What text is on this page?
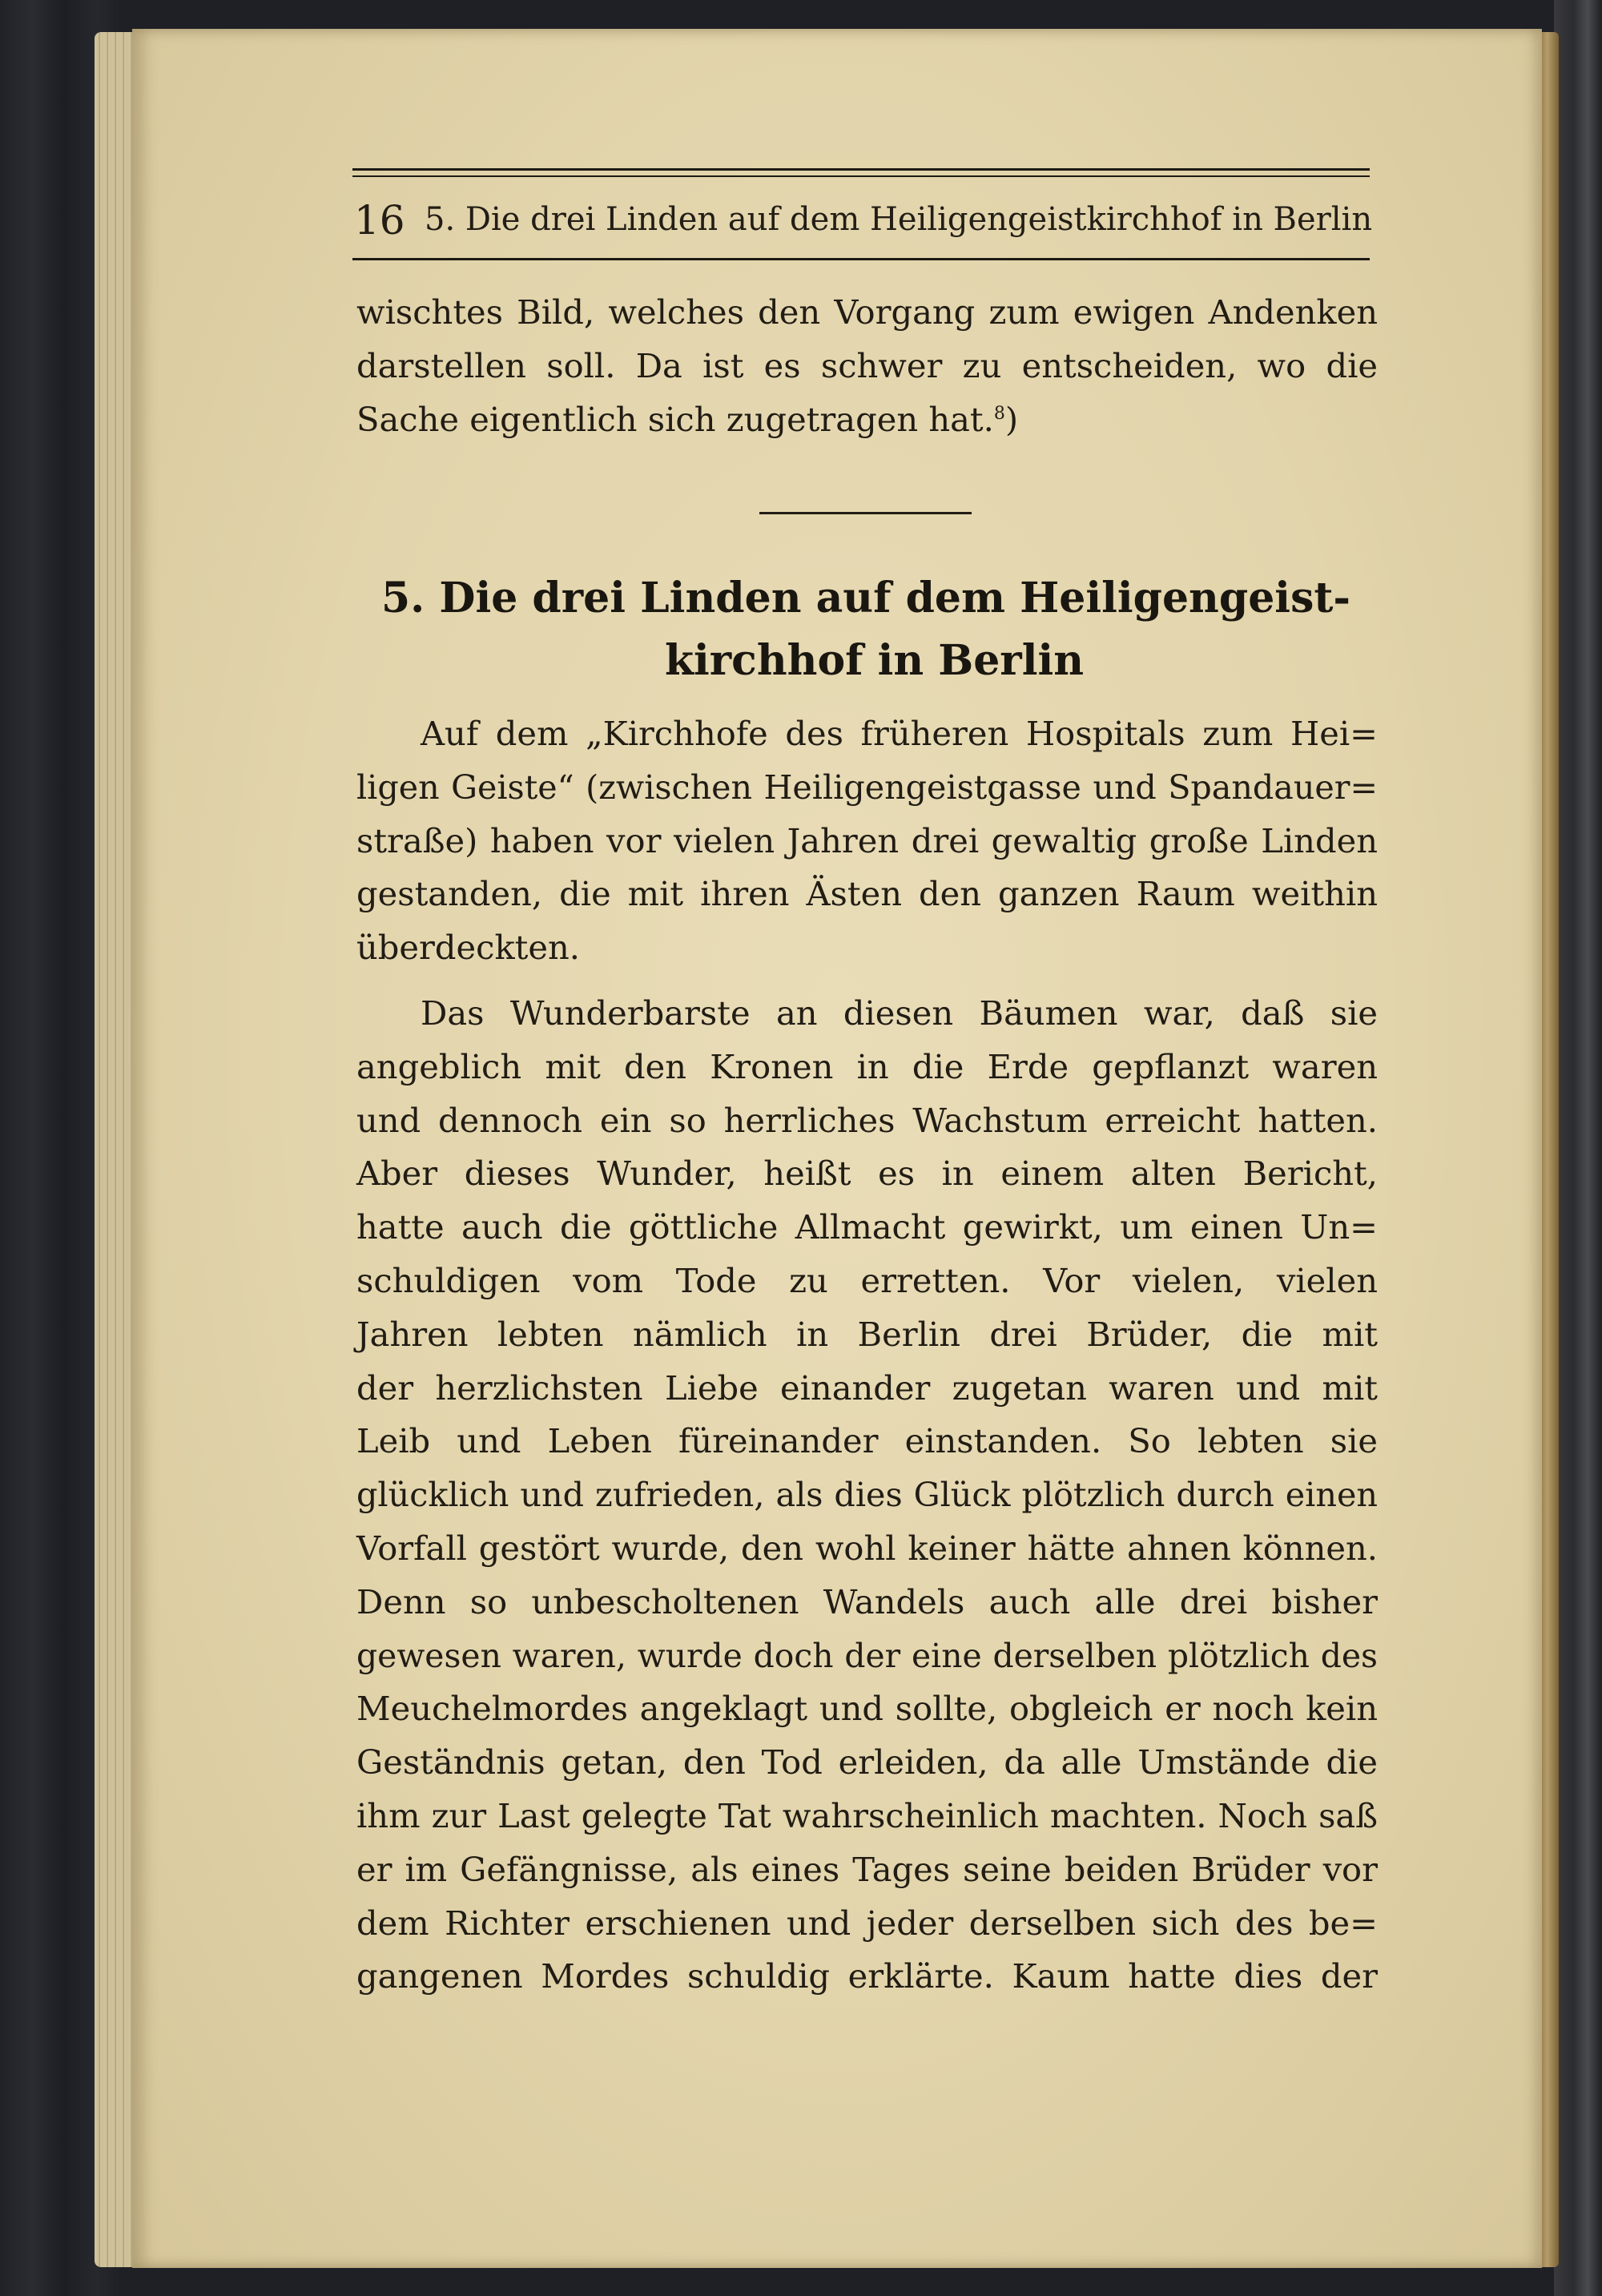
16 5. Die drei Linden auf dem Heiligengeistkirchhof in Berlin
wischtes Bild, welches den Vorgang zum ewigen Andenken
darstellen soll. Da ist es schwer zu entscheiden, wo die
Sache eigentlich sich zugetragen hat.$^8$)
5. Die drei Linden auf dem Heiligengeist-
kirchhof in Berlin
Auf dem „Kirchhofe des früheren Hospitals zum Hei=
ligen Geiste“ (zwischen Heiligengeistgasse und Spandauer=
straße) haben vor vielen Jahren drei gewaltig große Linden
gestanden, die mit ihren Ästen den ganzen Raum weithin
überdeckten.
Das Wunderbarste an diesen Bäumen war, daß sie
angeblich mit den Kronen in die Erde gepflanzt waren
und dennoch ein so herrliches Wachstum erreicht hatten.
Aber dieses Wunder, heißt es in einem alten Bericht,
hatte auch die göttliche Allmacht gewirkt, um einen Un=
schuldigen vom Tode zu erretten. Vor vielen, vielen
Jahren lebten nämlich in Berlin drei Brüder, die mit
der herzlichsten Liebe einander zugetan waren und mit
Leib und Leben füreinander einstanden. So lebten sie
glücklich und zufrieden, als dies Glück plötzlich durch einen
Vorfall gestört wurde, den wohl keiner hätte ahnen können.
Denn so unbescholtenen Wandels auch alle drei bisher
gewesen waren, wurde doch der eine derselben plötzlich des
Meuchelmordes angeklagt und sollte, obgleich er noch kein
Geständnis getan, den Tod erleiden, da alle Umstände die
ihm zur Last gelegte Tat wahrscheinlich machten. Noch saß
er im Gefängnisse, als eines Tages seine beiden Brüder vor
dem Richter erschienen und jeder derselben sich des be=
gangenen Mordes schuldig erklärte. Kaum hatte dies der
